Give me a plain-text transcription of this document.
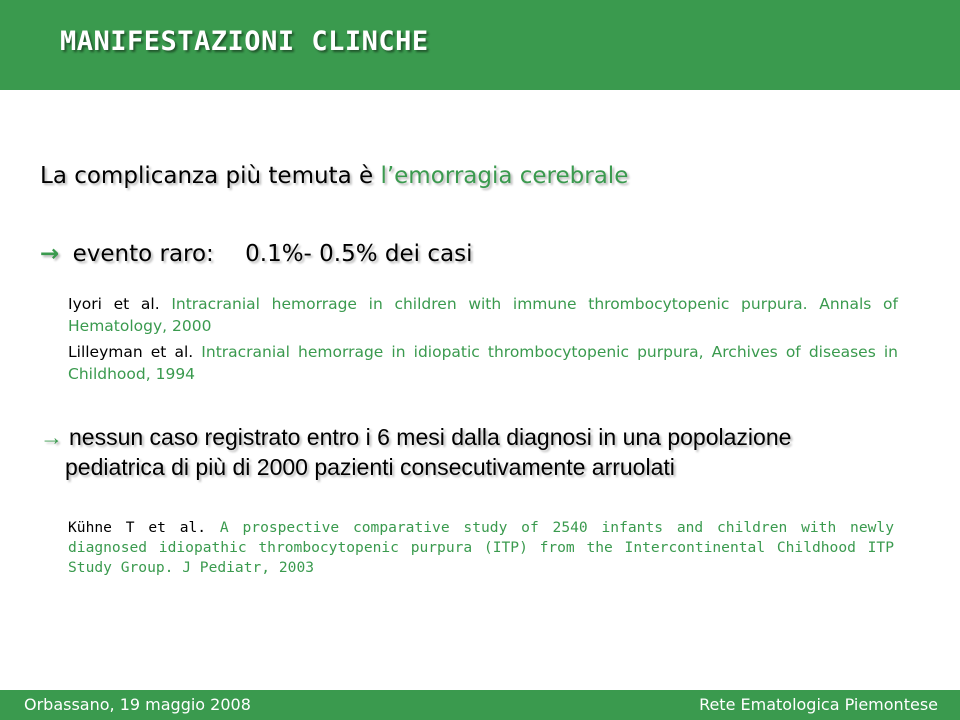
MANIFESTAZIONI CLINCHE
La complicanza più temuta è l’emorragia cerebrale
→ evento raro: 0.1%- 0.5% dei casi
Iyori et al. Intracranial hemorrage in children with immune thrombocytopenic purpura. Annals of Hematology, 2000
Lilleyman et al. Intracranial hemorrage in idiopatic thrombocytopenic purpura, Archives of diseases in Childhood, 1994
→ nessun caso registrato entro i 6 mesi dalla diagnosi in una popolazione
pediatrica di più di 2000 pazienti consecutivamente arruolati
Kühne T et al. A prospective comparative study of 2540 infants and children with newly diagnosed idiopathic thrombocytopenic purpura (ITP) from the Intercontinental Childhood ITP Study Group. J Pediatr, 2003
Orbassano, 19 maggio 2008	Rete Ematologica Piemontese
